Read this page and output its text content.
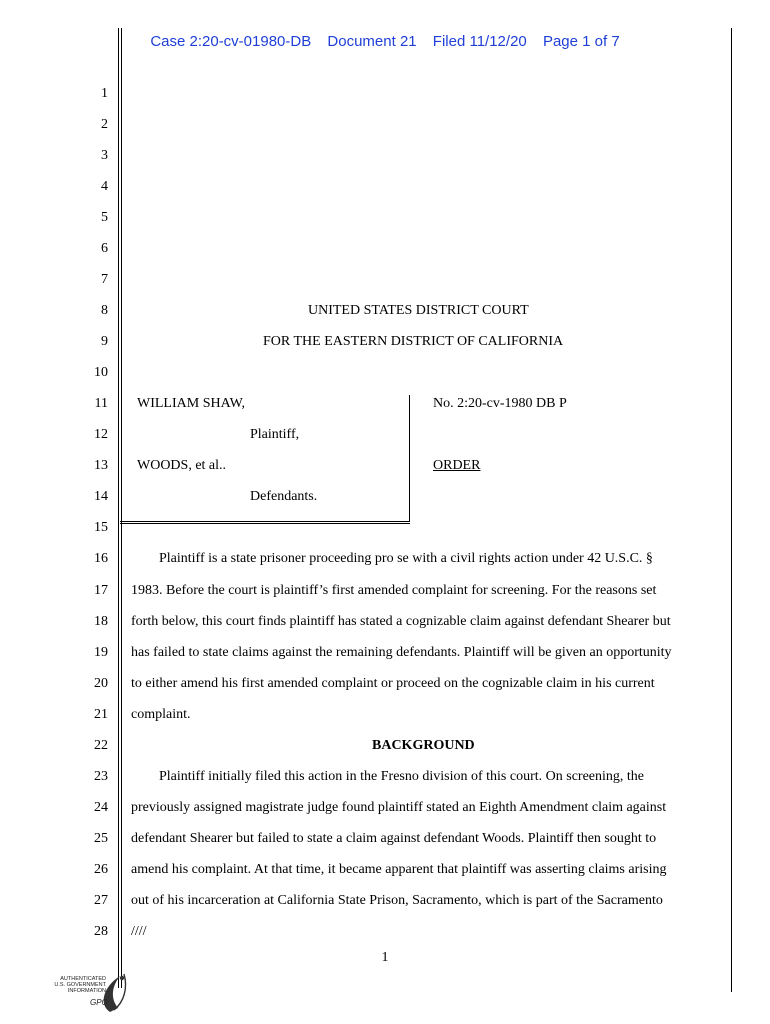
Case 2:20-cv-01980-DB Document 21 Filed 11/12/20 Page 1 of 7
1
2
3
4
5
6
7
8
9
10
11
12
13
14
15
16
17
18
19
20
21
22
23
24
25
26
27
28
UNITED STATES DISTRICT COURT
FOR THE EASTERN DISTRICT OF CALIFORNIA
WILLIAM SHAW,
Plaintiff,
WOODS, et al..
Defendants.
No. 2:20-cv-1980 DB P
ORDER
Plaintiff is a state prisoner proceeding pro se with a civil rights action under 42 U.S.C. §
1983. Before the court is plaintiff’s first amended complaint for screening. For the reasons set
forth below, this court finds plaintiff has stated a cognizable claim against defendant Shearer but
has failed to state claims against the remaining defendants. Plaintiff will be given an opportunity
to either amend his first amended complaint or proceed on the cognizable claim in his current
complaint.
BACKGROUND
Plaintiff initially filed this action in the Fresno division of this court. On screening, the
previously assigned magistrate judge found plaintiff stated an Eighth Amendment claim against
defendant Shearer but failed to state a claim against defendant Woods. Plaintiff then sought to
amend his complaint. At that time, it became apparent that plaintiff was asserting claims arising
out of his incarceration at California State Prison, Sacramento, which is part of the Sacramento
////
1
AUTHENTICATED
U.S. GOVERNMENT
INFORMATION
GPO
